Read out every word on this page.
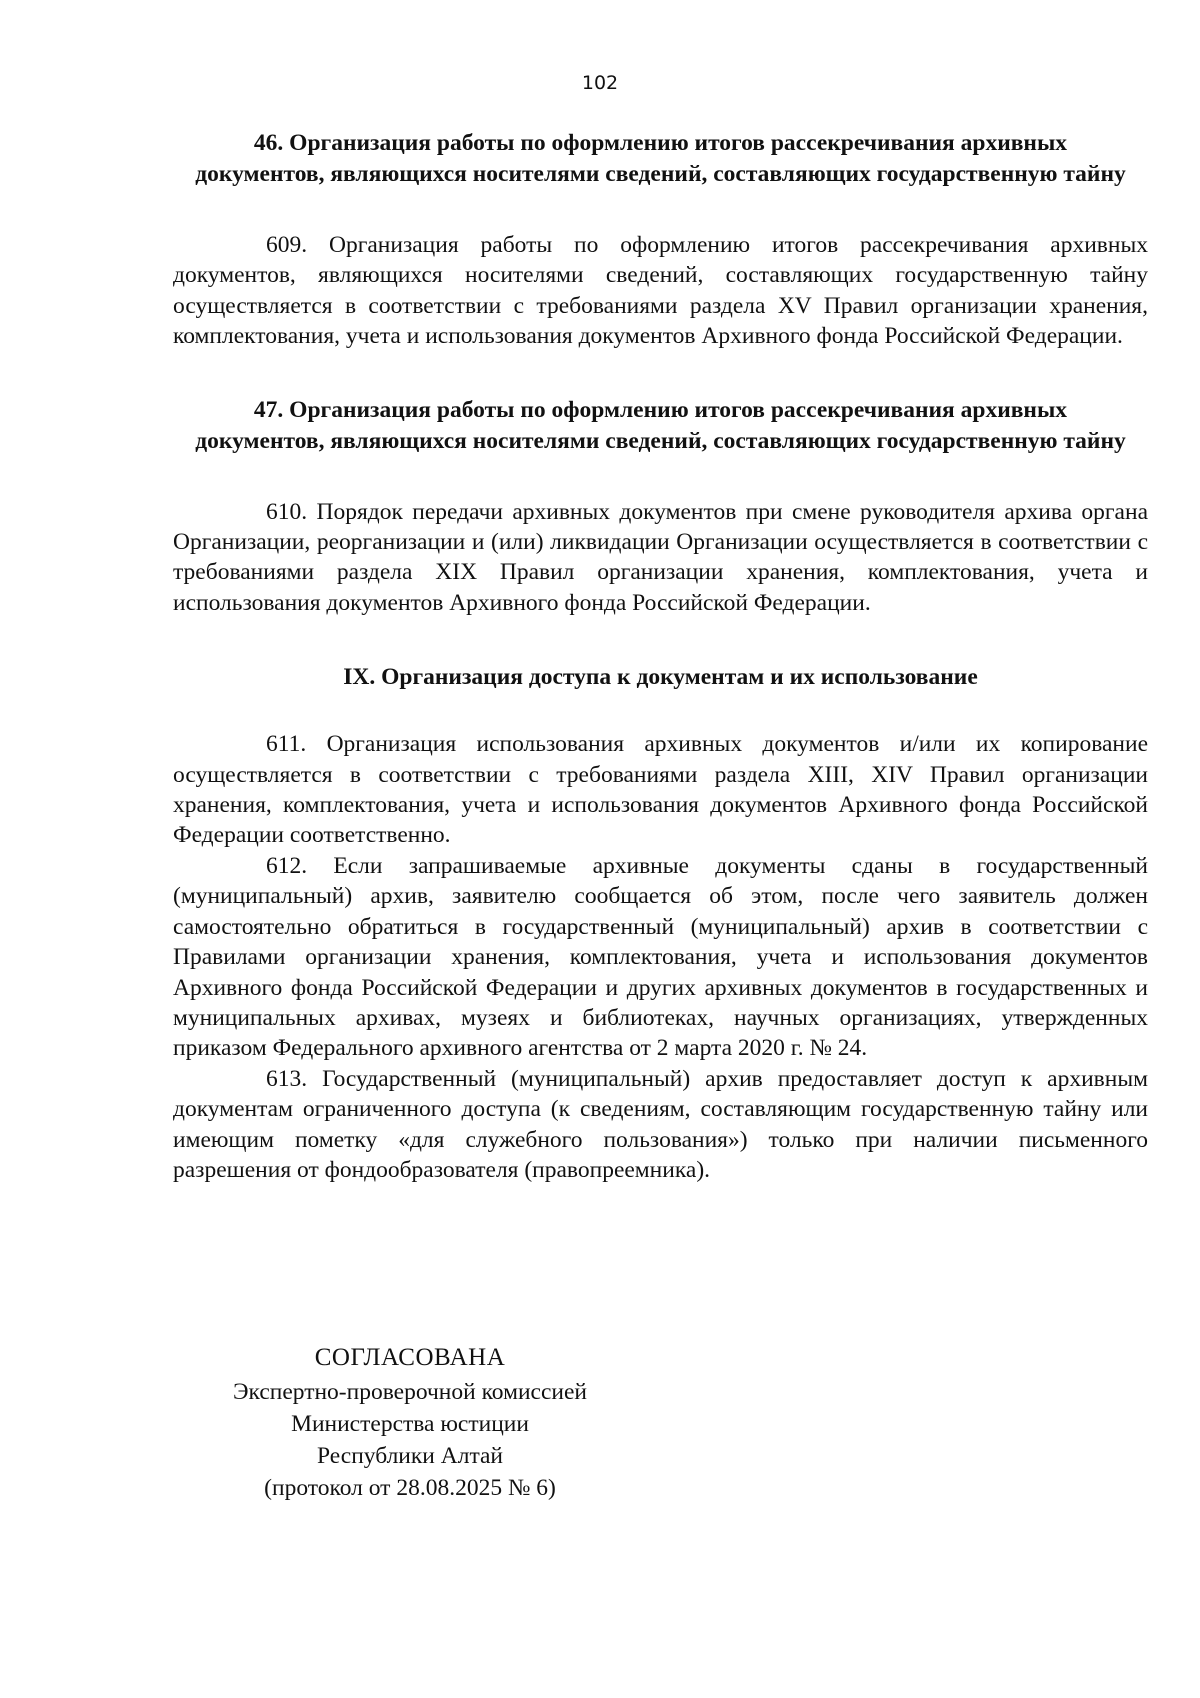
102
46. Организация работы по оформлению итогов рассекречивания архивных документов, являющихся носителями сведений, составляющих государственную тайну

609. Организация работы по оформлению итогов рассекречивания архивных документов, являющихся носителями сведений, составляющих государственную тайну осуществляется в соответствии с требованиями раздела XV Правил организации хранения, комплектования, учета и использования документов Архивного фонда Российской Федерации.

47. Организация работы по оформлению итогов рассекречивания архивных документов, являющихся носителями сведений, составляющих государственную тайну

610. Порядок передачи архивных документов при смене руководителя архива органа Организации, реорганизации и (или) ликвидации Организации осуществляется в соответствии с требованиями раздела XIX Правил организации хранения, комплектования, учета и использования документов Архивного фонда Российской Федерации.

IX. Организация доступа к документам и их использование

611. Организация использования архивных документов и/или их копирование осуществляется в соответствии с требованиями раздела XIII, XIV Правил организации хранения, комплектования, учета и использования документов Архивного фонда Российской Федерации соответственно.

612. Если запрашиваемые архивные документы сданы в государственный (муниципальный) архив, заявителю сообщается об этом, после чего заявитель должен самостоятельно обратиться в государственный (муниципальный) архив в соответствии с Правилами организации хранения, комплектования, учета и использования документов Архивного фонда Российской Федерации и других архивных документов в государственных и муниципальных архивах, музеях и библиотеках, научных организациях, утвержденных приказом Федерального архивного агентства от 2 марта 2020 г. № 24.

613. Государственный (муниципальный) архив предоставляет доступ к архивным документам ограниченного доступа (к сведениям, составляющим государственную тайну или имеющим пометку «для служебного пользования») только при наличии письменного разрешения от фондообразователя (правопреемника).

СОГЛАСОВАНА
Экспертно-проверочной комиссией
Министерства юстиции
Республики Алтай
(протокол от 28.08.2025 № 6)
